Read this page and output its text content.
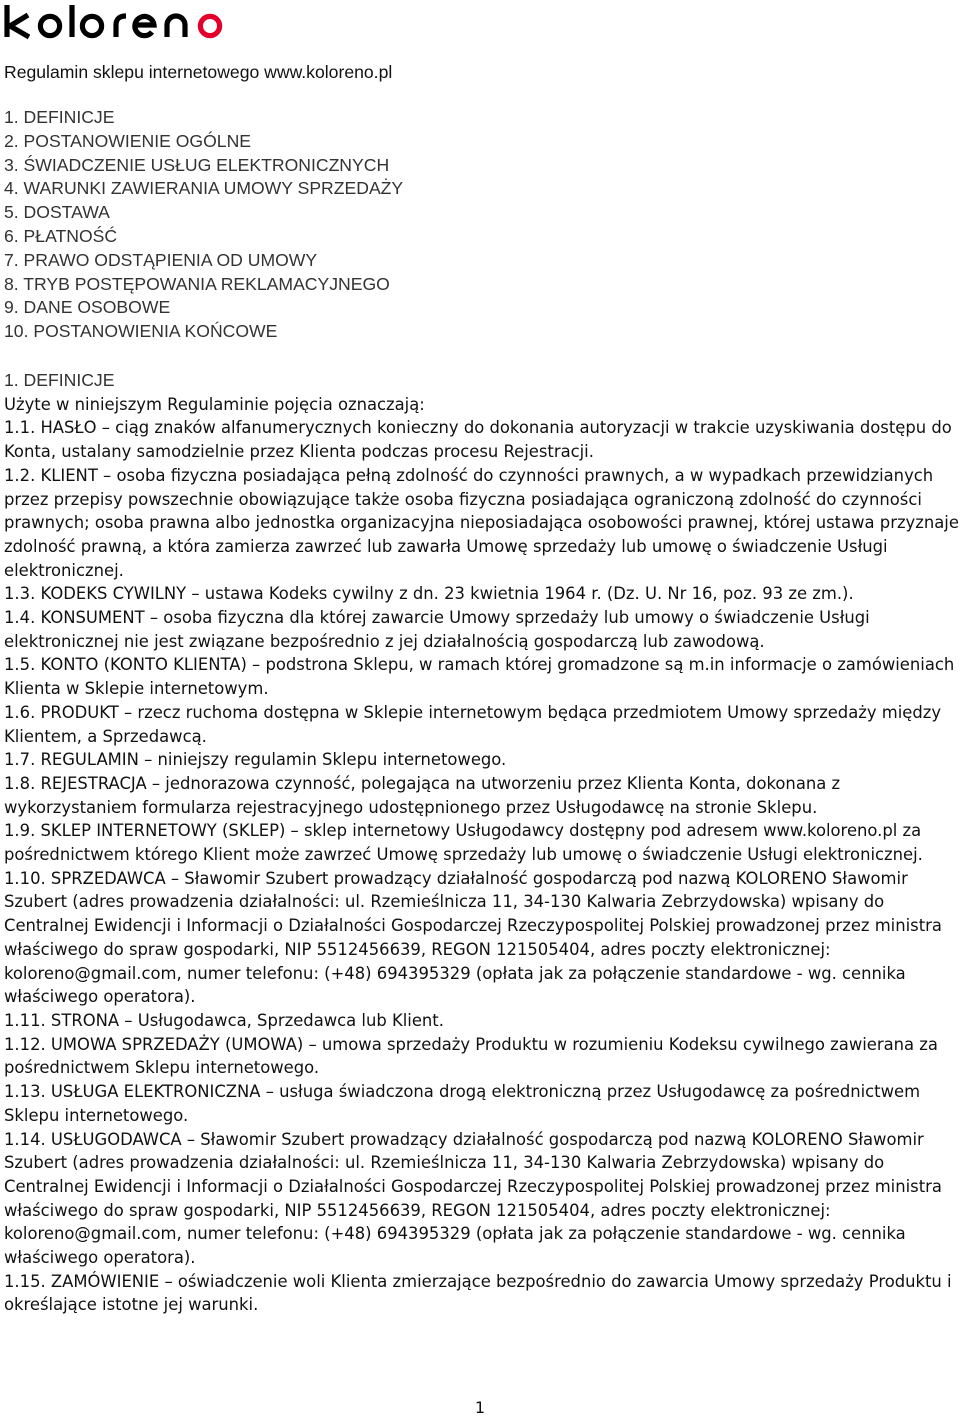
Regulamin sklepu internetowego www.koloreno.pl
1. DEFINICJE
2. POSTANOWIENIE OGÓLNE
3. ŚWIADCZENIE USŁUG ELEKTRONICZNYCH
4. WARUNKI ZAWIERANIA UMOWY SPRZEDAŻY
5. DOSTAWA
6. PŁATNOŚĆ
7. PRAWO ODSTĄPIENIA OD UMOWY
8. TRYB POSTĘPOWANIA REKLAMACYJNEGO
9. DANE OSOBOWE
10. POSTANOWIENIA KOŃCOWE
1. DEFINICJE
Użyte w niniejszym Regulaminie pojęcia oznaczają:

1.1. HASŁO – ciąg znaków alfanumerycznych konieczny do dokonania autoryzacji w trakcie uzyskiwania dostępu do Konta, ustalany samodzielnie przez Klienta podczas procesu Rejestracji.

1.2. KLIENT – osoba fizyczna posiadająca pełną zdolność do czynności prawnych, a w wypadkach przewidzianych przez przepisy powszechnie obowiązujące także osoba fizyczna posiadająca ograniczoną zdolność do czynności prawnych; osoba prawna albo jednostka organizacyjna nieposiadająca osobowości prawnej, której ustawa przyznaje zdolność prawną, a która zamierza zawrzeć lub zawarła Umowę sprzedaży lub umowę o świadczenie Usługi elektronicznej.

1.3. KODEKS CYWILNY – ustawa Kodeks cywilny z dn. 23 kwietnia 1964 r. (Dz. U. Nr 16, poz. 93 ze zm.).

1.4. KONSUMENT – osoba fizyczna dla której zawarcie Umowy sprzedaży lub umowy o świadczenie Usługi elektronicznej nie jest związane bezpośrednio z jej działalnością gospodarczą lub zawodową.

1.5. KONTO (KONTO KLIENTA) – podstrona Sklepu, w ramach której gromadzone są m.in informacje o zamówieniach Klienta w Sklepie internetowym.

1.6. PRODUKT – rzecz ruchoma dostępna w Sklepie internetowym będąca przedmiotem Umowy sprzedaży między Klientem, a Sprzedawcą.

1.7. REGULAMIN – niniejszy regulamin Sklepu internetowego.

1.8. REJESTRACJA – jednorazowa czynność, polegająca na utworzeniu przez Klienta Konta, dokonana z wykorzystaniem formularza rejestracyjnego udostępnionego przez Usługodawcę na stronie Sklepu.

1.9. SKLEP INTERNETOWY (SKLEP) – sklep internetowy Usługodawcy dostępny pod adresem www.koloreno.pl za pośrednictwem którego Klient może zawrzeć Umowę sprzedaży lub umowę o świadczenie Usługi elektronicznej.

1.10. SPRZEDAWCA – Sławomir Szubert prowadzący działalność gospodarczą pod nazwą KOLORENO Sławomir Szubert (adres prowadzenia działalności: ul. Rzemieślnicza 11, 34-130 Kalwaria Zebrzydowska) wpisany do Centralnej Ewidencji i Informacji o Działalności Gospodarczej Rzeczypospolitej Polskiej prowadzonej przez ministra właściwego do spraw gospodarki, NIP 5512456639, REGON 121505404, adres poczty elektronicznej: koloreno@gmail.com, numer telefonu: (+48) 694395329 (opłata jak za połączenie standardowe - wg. cennika właściwego operatora).

1.11. STRONA – Usługodawca, Sprzedawca lub Klient.

1.12. UMOWA SPRZEDAŻY (UMOWA) – umowa sprzedaży Produktu w rozumieniu Kodeksu cywilnego zawierana za pośrednictwem Sklepu internetowego.

1.13. USŁUGA ELEKTRONICZNA – usługa świadczona drogą elektroniczną przez Usługodawcę za pośrednictwem Sklepu internetowego.

1.14. USŁUGODAWCA – Sławomir Szubert prowadzący działalność gospodarczą pod nazwą KOLORENO Sławomir Szubert (adres prowadzenia działalności: ul. Rzemieślnicza 11, 34-130 Kalwaria Zebrzydowska) wpisany do Centralnej Ewidencji i Informacji o Działalności Gospodarczej Rzeczypospolitej Polskiej prowadzonej przez ministra właściwego do spraw gospodarki, NIP 5512456639, REGON 121505404, adres poczty elektronicznej: koloreno@gmail.com, numer telefonu: (+48) 694395329 (opłata jak za połączenie standardowe - wg. cennika właściwego operatora).

1.15. ZAMÓWIENIE – oświadczenie woli Klienta zmierzające bezpośrednio do zawarcia Umowy sprzedaży Produktu i określające istotne jej warunki.

1
